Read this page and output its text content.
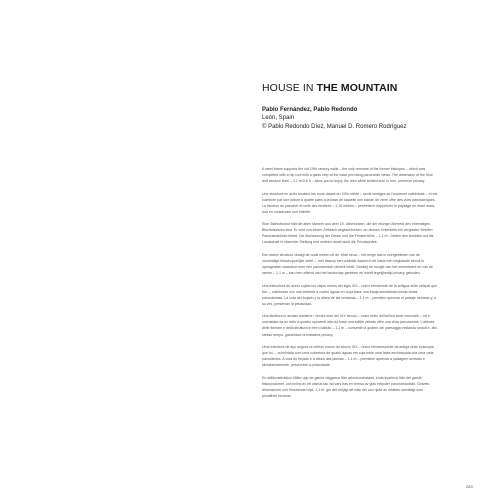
HOUSE IN THE MOUNTAIN
Pablo Fernández, Pablo Redondo
León, Spain
© Pablo Redondo Díez, Manuel D. Romero Rodríguez

A steel frame supports the old 19th century walls – the only remnant of the former bishopric – which was completed with a hip roof with a glass strip at the base providing panoramic views. The dimension of the floor and window level – 1,1 m/3,6 ft – allow you to enjoy the view while seated and, in turn, preserve privacy.

Une structure en acier soutient les murs datant du XIXe siècle – seuls vestiges de l'ancienne cathédrale – et est culminée par une toiture à quatre pans à la base de laquelle une bande de verre offre des vues panoramiques. La hauteur du plancher et celle des fenêtres – 1,10 mètres – permettent d'apprécier le paysage en étant assis, tout en conservant son intimité.

Eine Stahlstruktur hält die alten Mauern aus dem 19. Jahrhundert, die der einzige Überrest des ehemaligen Bischofssitzes sind. Er wird von einem Zeltdach abgeschlossen, an dessen Unterseite ein verglaster Streifen Panoramablicke bietet. Die Abmessung der Decke und die Fensterhöhe – 1,1 m – bieten den Ausblick auf die Landschaft in sitzender Stellung und wahren damit auch die Privatsphäre.

Een stalen structuur draagt de oude muren uit de 19de eeuw – het enige wat is overgebleven van de voormalige bisschoppelijke zetel –, met daarop een puntdak waarin in de basis een beglaasde strook is opengelaten waardoor men een panoramisch uitzicht heeft. Dankzij de hoogte van het smeedwerk en van de ramen – 1,1 m – kan men zittend van het landschap genieten en wordt tegelijkertijd privacy geboden.

Una estructura de acero sujeta los viejos muros del siglo XIX – único remanente de la antigua sede obispal que fue –, culminada con una cubierta a cuatro aguas en cuya base una franja acristalada brinda vistas panorámicas. La cota del forjado y la altura de las ventanas – 1,1 m – permiten apreciar el paisaje sentado y, a su vez, preservan la privacidad.

Una struttura in acciaio sostiene i vecchi muri del XIX secolo – unico resto dell'antica sede vescovile – ed è sovrastata da un tetto a quattro spioventi alla cui base una sottile vetrata offre una vista panoramica. L'altezza delle finestre e della struttura in ferro battuto – 1,1 m – consente di godere del paesaggio restando seduti e, allo stesso tempo, garantisce la massima privacy.

Uma estrutura de aço segura os velhos muros do século XIX – único remanescente da antiga sede episcopal que foi –, culminada com uma cobertura de quatro águas em cuja base uma faixa envidraçada cria uma vista panorâmica. A cota do forjado e a altura das janelas – 1,1 m – permitem apreciar a paisagem sentado e, simultaneamente, preservam a privacidade.

En stålkonstruktion håller upp de gamla väggarna från artonhundratalet, enda kvarleva från det gamla biskopsdömet, och kröns av ett valmat tak vid vars bas en remsa av glas erbjuder panoramautsikt. Golvets dimensioner och fönstrenas höjd, 1,1 m, gör det möjligt att sitta ner och njuta av utsikten samtidigt som privatlivet bevaras.

283
